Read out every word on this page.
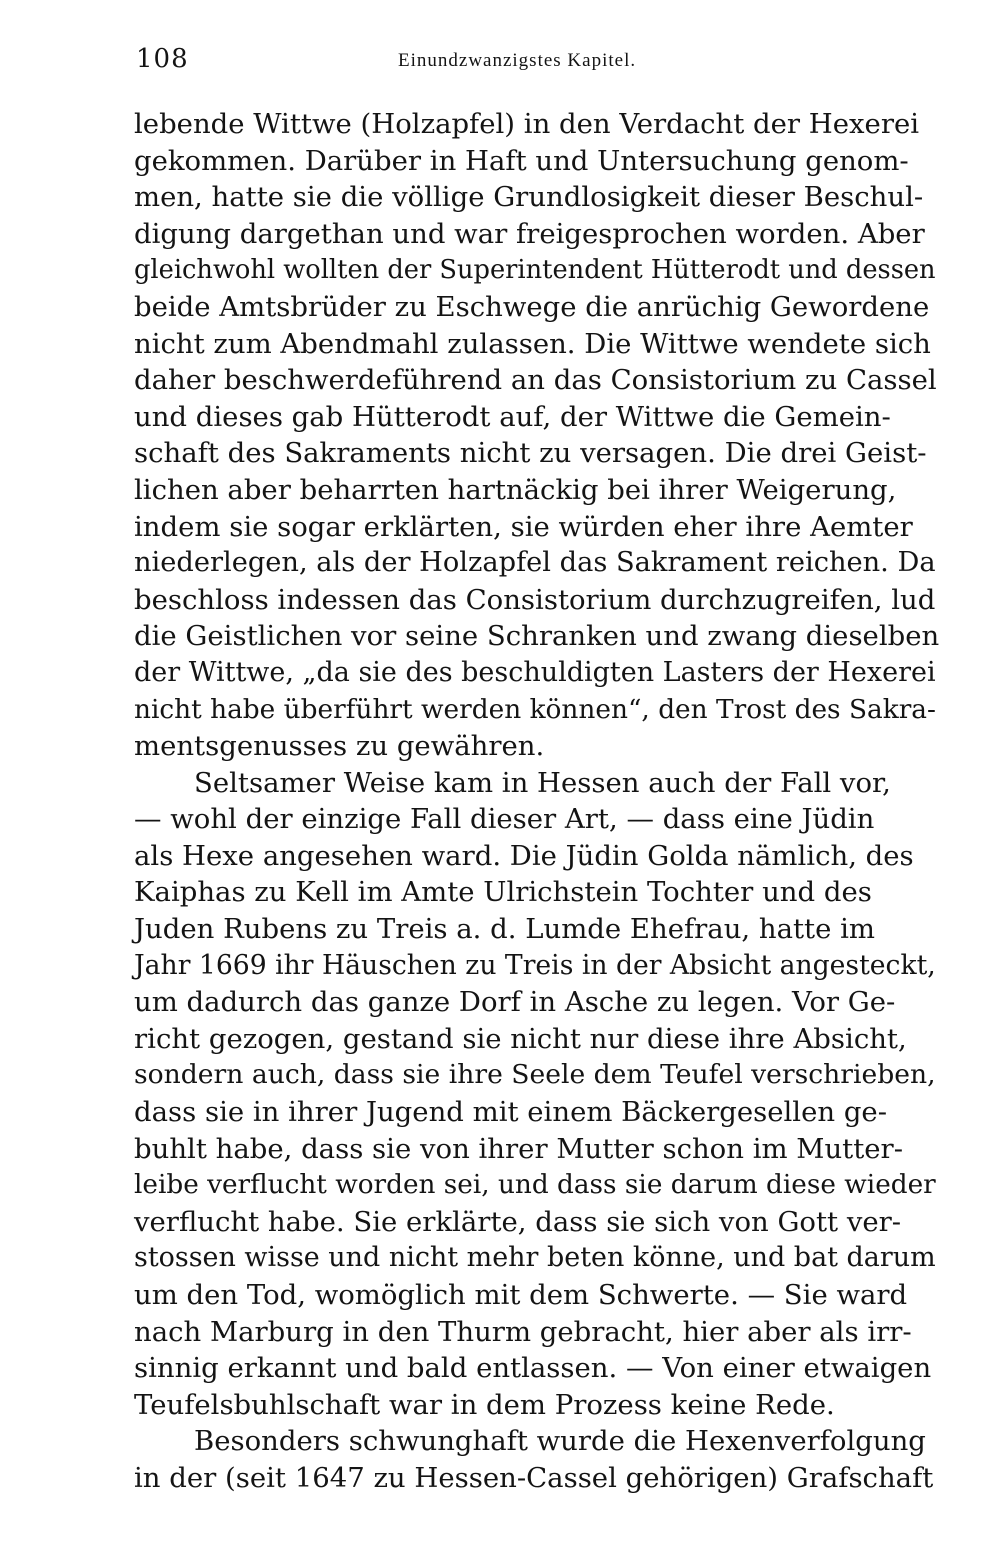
108	Einundzwanzigstes Kapitel.
lebende Wittwe (Holzapfel) in den Verdacht der Hexerei
gekommen. Darüber in Haft und Untersuchung genom-
men, hatte sie die völlige Grundlosigkeit dieser Beschul-
digung dargethan und war freigesprochen worden. Aber
gleichwohl wollten der Superintendent Hütterodt und dessen
beide Amtsbrüder zu Eschwege die anrüchig Gewordene
nicht zum Abendmahl zulassen. Die Wittwe wendete sich
daher beschwerdeführend an das Consistorium zu Cassel
und dieses gab Hütterodt auf, der Wittwe die Gemein-
schaft des Sakraments nicht zu versagen. Die drei Geist-
lichen aber beharrten hartnäckig bei ihrer Weigerung,
indem sie sogar erklärten, sie würden eher ihre Aemter
niederlegen, als der Holzapfel das Sakrament reichen. Da
beschloss indessen das Consistorium durchzugreifen, lud
die Geistlichen vor seine Schranken und zwang dieselben
der Wittwe, „da sie des beschuldigten Lasters der Hexerei
nicht habe überführt werden können“, den Trost des Sakra-
mentsgenusses zu gewähren.
Seltsamer Weise kam in Hessen auch der Fall vor,
— wohl der einzige Fall dieser Art, — dass eine Jüdin
als Hexe angesehen ward. Die Jüdin Golda nämlich, des
Kaiphas zu Kell im Amte Ulrichstein Tochter und des
Juden Rubens zu Treis a. d. Lumde Ehefrau, hatte im
Jahr 1669 ihr Häuschen zu Treis in der Absicht angesteckt,
um dadurch das ganze Dorf in Asche zu legen. Vor Ge-
richt gezogen, gestand sie nicht nur diese ihre Absicht,
sondern auch, dass sie ihre Seele dem Teufel verschrieben,
dass sie in ihrer Jugend mit einem Bäckergesellen ge-
buhlt habe, dass sie von ihrer Mutter schon im Mutter-
leibe verflucht worden sei, und dass sie darum diese wieder
verflucht habe. Sie erklärte, dass sie sich von Gott ver-
stossen wisse und nicht mehr beten könne, und bat darum
um den Tod, womöglich mit dem Schwerte. — Sie ward
nach Marburg in den Thurm gebracht, hier aber als irr-
sinnig erkannt und bald entlassen. — Von einer etwaigen
Teufelsbuhlschaft war in dem Prozess keine Rede.
Besonders schwunghaft wurde die Hexenverfolgung
in der (seit 1647 zu Hessen-Cassel gehörigen) Grafschaft
